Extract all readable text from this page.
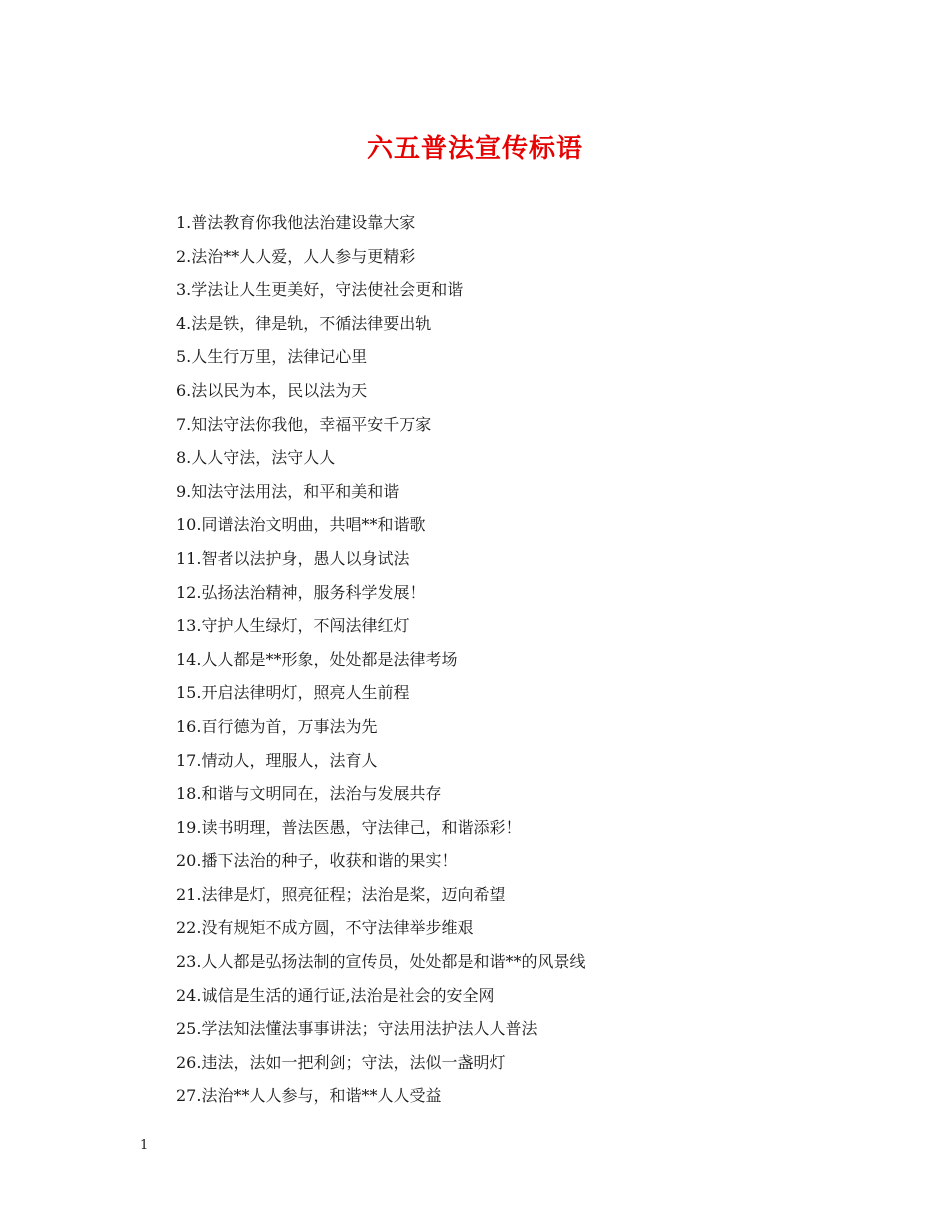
六五普法宣传标语
1.普法教育你我他法治建设靠大家
2.法治**人人爱，人人参与更精彩
3.学法让人生更美好，守法使社会更和谐
4.法是铁，律是轨，不循法律要出轨
5.人生行万里，法律记心里
6.法以民为本，民以法为天
7.知法守法你我他，幸福平安千万家
8.人人守法，法守人人
9.知法守法用法，和平和美和谐
10.同谱法治文明曲，共唱**和谐歌
11.智者以法护身，愚人以身试法
12.弘扬法治精神，服务科学发展！
13.守护人生绿灯，不闯法律红灯
14.人人都是**形象，处处都是法律考场
15.开启法律明灯，照亮人生前程
16.百行德为首，万事法为先
17.情动人，理服人，法育人
18.和谐与文明同在，法治与发展共存
19.读书明理，普法医愚，守法律己，和谐添彩！
20.播下法治的种子，收获和谐的果实！
21.法律是灯，照亮征程；法治是桨，迈向希望
22.没有规矩不成方圆，不守法律举步维艰
23.人人都是弘扬法制的宣传员，处处都是和谐**的风景线
24.诚信是生活的通行证,法治是社会的安全网
25.学法知法懂法事事讲法；守法用法护法人人普法
26.违法，法如一把利剑；守法，法似一盏明灯
27.法治**人人参与，和谐**人人受益
1
